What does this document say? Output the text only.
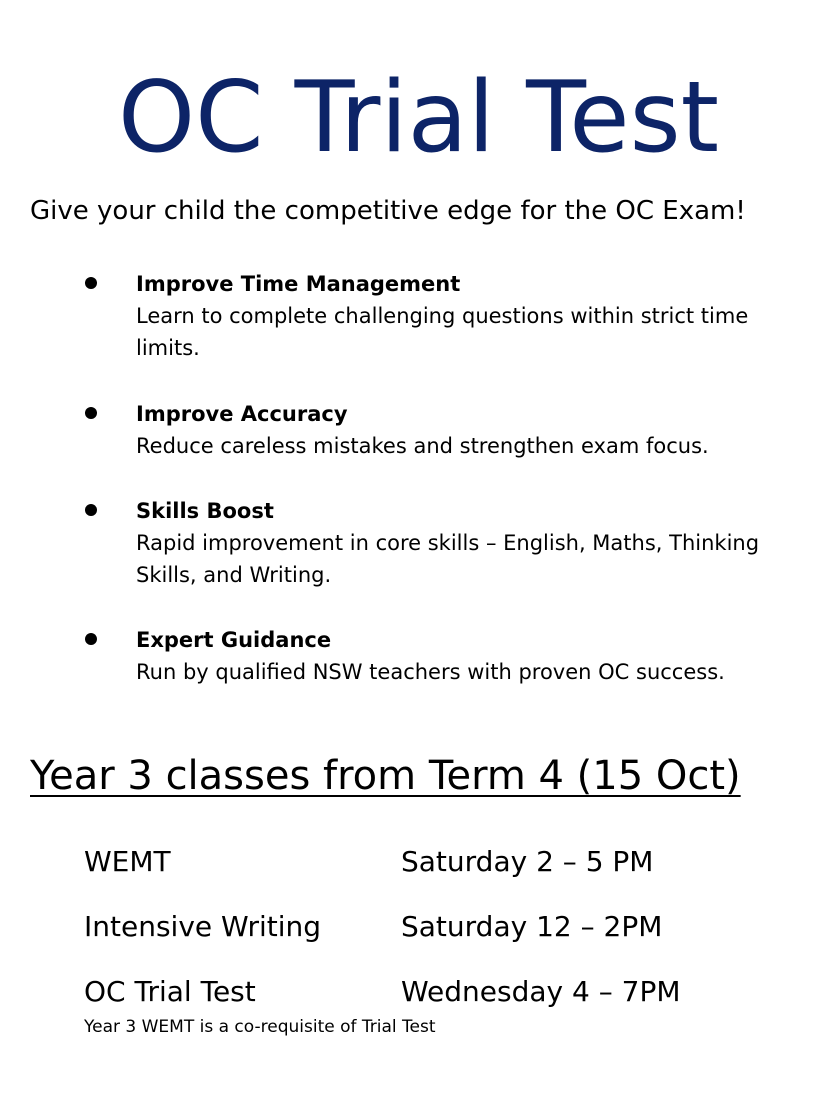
OC Trial Test
Give your child the competitive edge for the OC Exam!
Improve Time Management
Learn to complete challenging questions within strict time limits.
Improve Accuracy
Reduce careless mistakes and strengthen exam focus.
Skills Boost
Rapid improvement in core skills – English, Maths, Thinking Skills, and Writing.
Expert Guidance
Run by qualified NSW teachers with proven OC success.
Year 3 classes from Term 4 (15 Oct)
WEMT	Saturday 2 – 5 PM
Intensive Writing	Saturday 12 – 2PM
OC Trial Test	Wednesday 4 – 7PM
Year 3 WEMT is a co-requisite of Trial Test
